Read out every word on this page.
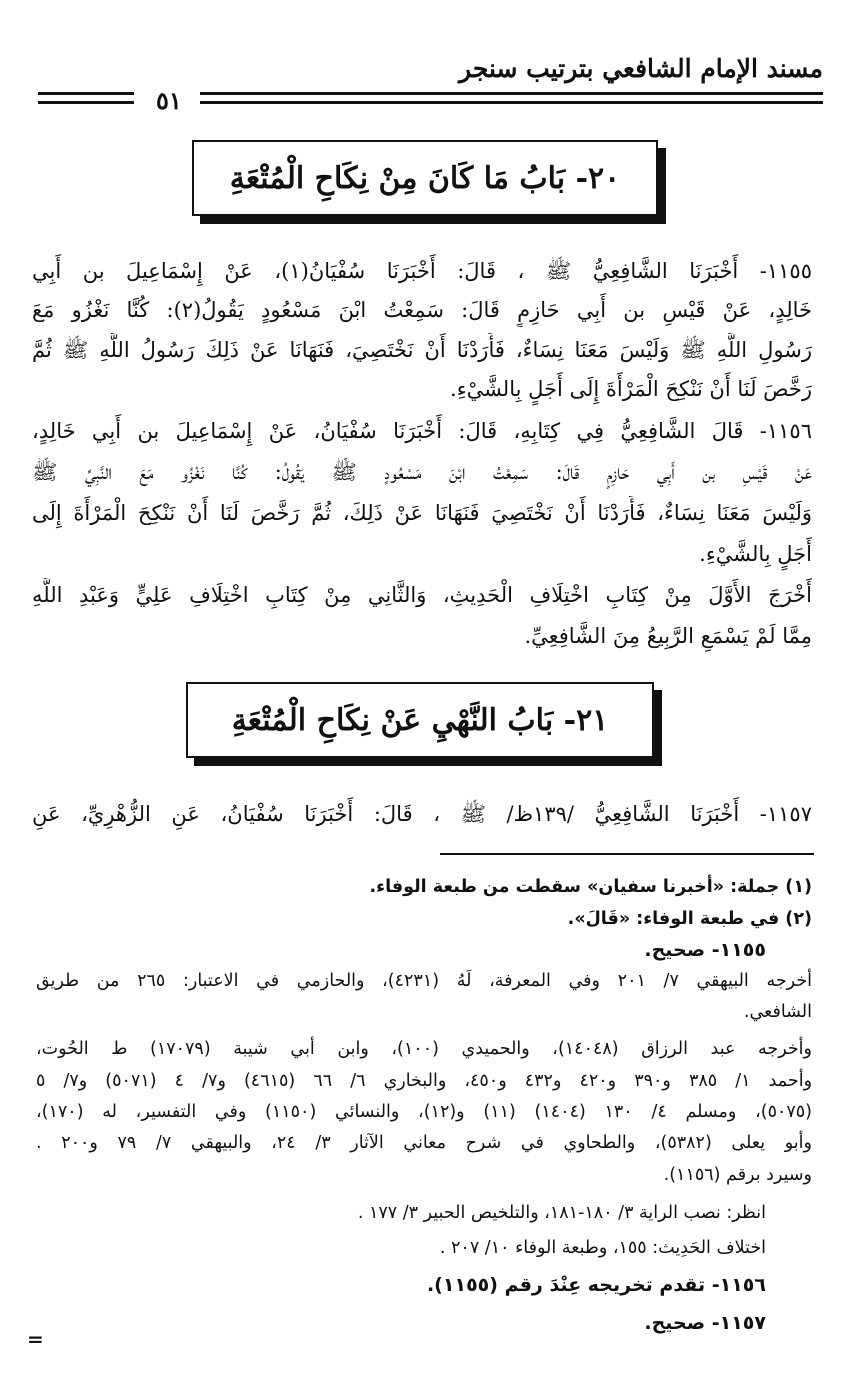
مسند الإمام الشافعي بترتيب سنجر
٥١
٢٠- بَابُ مَا كَانَ مِنْ نِكَاحِ الْمُتْعَةِ
١١٥٥- أَخْبَرَنَا الشَّافِعِيُّ ﷺ ، قَالَ: أَخْبَرَنَا سُفْيَانُ(١)، عَنْ إِسْمَاعِيلَ بن أَبِي
خَالِدٍ، عَنْ قَيْسِ بن أَبِي حَازِمٍ قَالَ: سَمِعْتُ ابْنَ مَسْعُودٍ يَقُولُ(٢): كُنَّا نَغْزُو مَعَ
رَسُولِ اللَّهِ ﷺ وَلَيْسَ مَعَنَا نِسَاءٌ، فَأَرَدْنَا أَنْ نَخْتَصِيَ، فَنَهَانَا عَنْ ذَلِكَ رَسُولُ اللَّهِ ﷺ ثُمَّ
رَخَّصَ لَنَا أَنْ نَنْكِحَ الْمَرْأَةَ إِلَى أَجَلٍ بِالشَّيْءِ.
١١٥٦- قَالَ الشَّافِعِيُّ فِي كِتَابِهِ، قَالَ: أَخْبَرَنَا سُفْيَانُ، عَنْ إِسْمَاعِيلَ بن أَبِي خَالِدٍ،
عَنْ قَيْسِ بن أَبِي حَازِمٍ قَالَ: سَمِعْتُ ابْنَ مَسْعُودٍ ﷺ يَقُولُ: كُنَّا نَغْزُو مَعَ النَّبِيِّ ﷺ
وَلَيْسَ مَعَنَا نِسَاءٌ، فَأَرَدْنَا أَنْ نَخْتَصِيَ فَنَهَانَا عَنْ ذَلِكَ، ثُمَّ رَخَّصَ لَنَا أَنْ نَنْكِحَ الْمَرْأَةَ إِلَى
أَجَلٍ بِالشَّيْءِ.
أَخْرَجَ الأَوَّلَ مِنْ كِتَابِ اخْتِلَافِ الْحَدِيثِ، وَالثَّانِي مِنْ كِتَابِ اخْتِلَافِ عَلِيٍّ وَعَبْدِ اللَّهِ
مِمَّا لَمْ يَسْمَعِ الرَّبِيعُ مِنَ الشَّافِعِيِّ.
٢١- بَابُ النَّهْيِ عَنْ نِكَاحِ الْمُتْعَةِ
١١٥٧- أَخْبَرَنَا الشَّافِعِيُّ /١٣٩ظ/ ﷺ ، قَالَ: أَخْبَرَنَا سُفْيَانُ، عَنِ الزُّهْرِيِّ، عَنِ
(١) جملة: «أخبرنا سفيان» سقطت من طبعة الوفاء.
(٢) في طبعة الوفاء: «قَالَ».
١١٥٥- صحيح.
أخرجه البيهقي ٧/ ٢٠١ وفي المعرفة، لَهُ (٤٢٣١)، والحازمي في الاعتبار: ٢٦٥ من طريق
الشافعي.
وأخرجه عبد الرزاق (١٤٠٤٨)، والحميدي (١٠٠)، وابن أبي شيبة (١٧٠٧٩) ط الحُوت،
وأحمد ١/ ٣٨٥ و٣٩٠ و٤٢٠ و٤٣٢ و٤٥٠، والبخاري ٦/ ٦٦ (٤٦١٥) و٧/ ٤ (٥٠٧١) و٧/ ٥
(٥٠٧٥)، ومسلم ٤/ ١٣٠ (١٤٠٤) (١١) و(١٢)، والنسائي (١١٥٠) وفي التفسير، له (١٧٠)،
وأبو يعلى (٥٣٨٢)، والطحاوي في شرح معاني الآثار ٣/ ٢٤، والبيهقي ٧/ ٧٩ و٢٠٠ .
وسيرد برقم (١١٥٦).
انظر: نصب الراية ٣/ ١٨٠-١٨١، والتلخيص الحبير ٣/ ١٧٧ .
اختلاف الحَدِيث: ١٥٥، وطبعة الوفاء ١٠/ ٢٠٧ .
١١٥٦- تقدم تخريجه عِنْدَ رقم (١١٥٥).
١١٥٧- صحيح.
=
